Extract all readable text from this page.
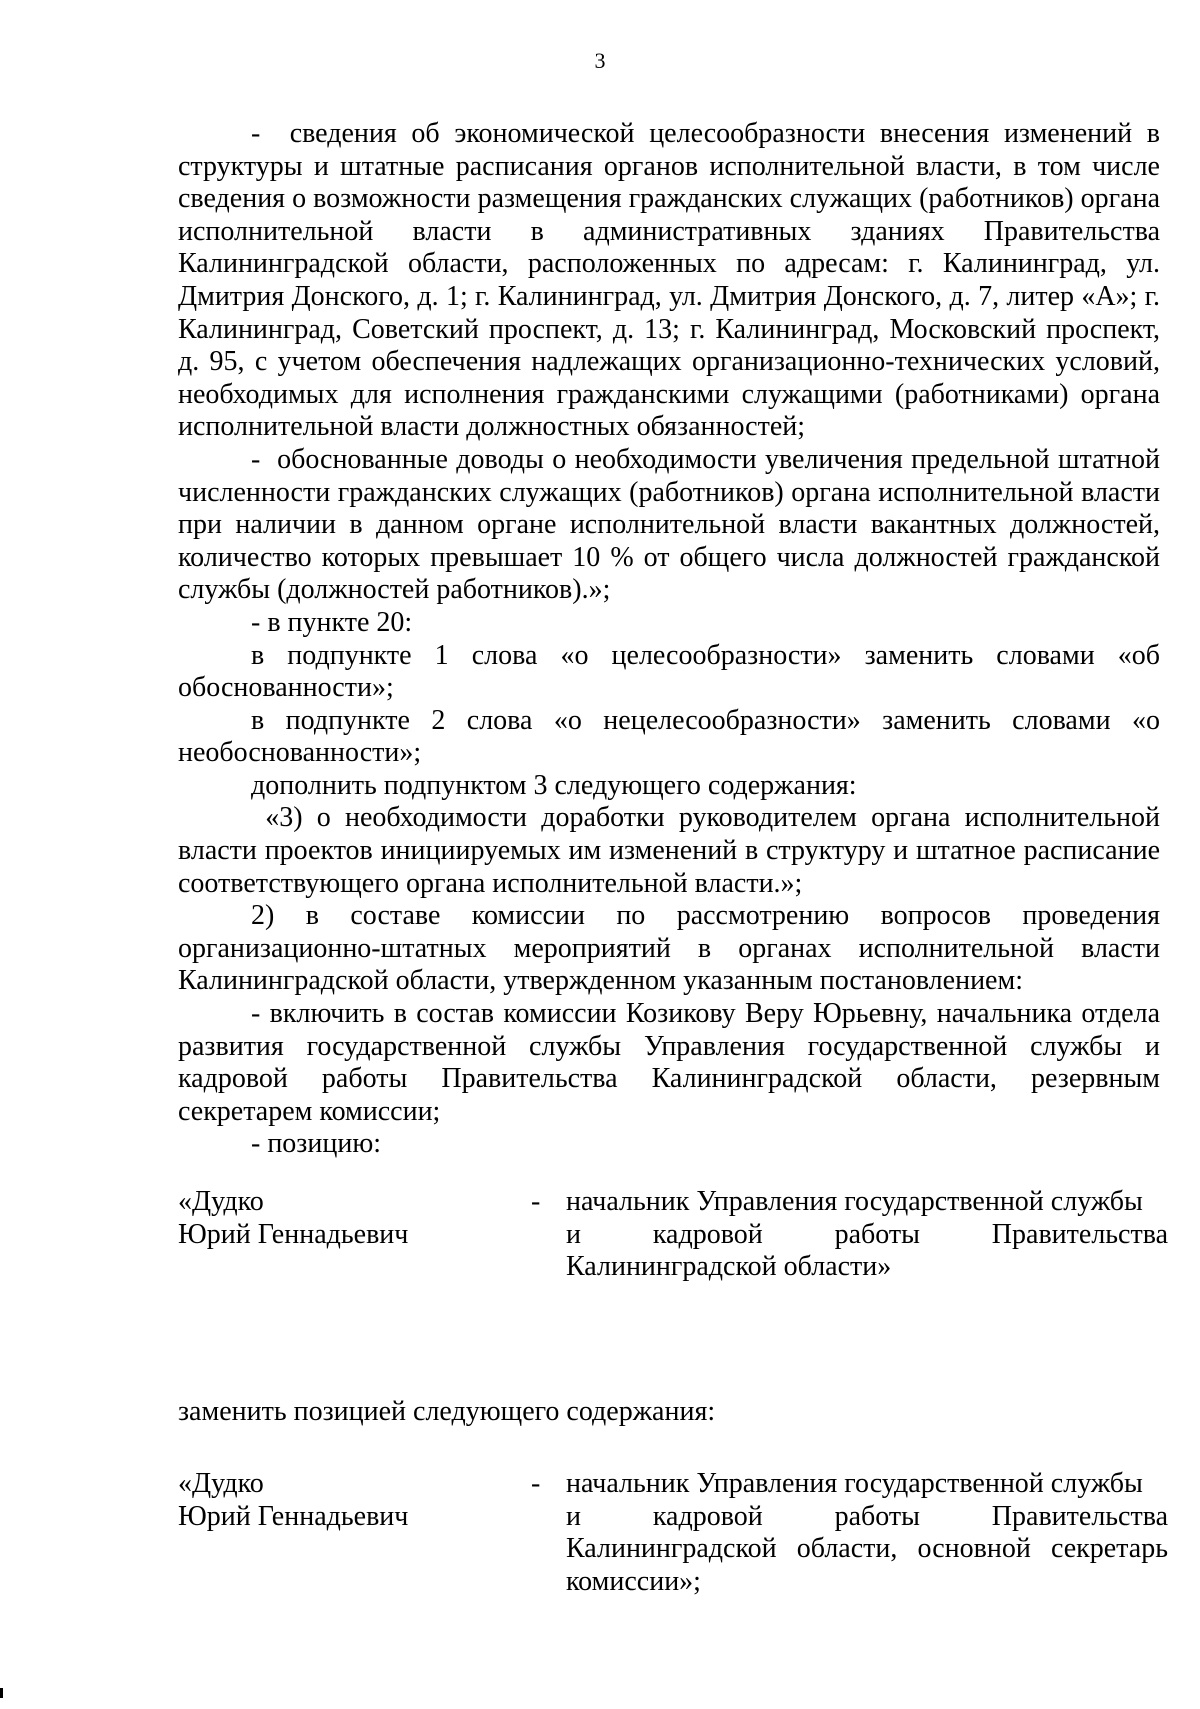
3

-  сведения об экономической целесообразности внесения изменений в структуры и штатные расписания органов исполнительной власти, в том числе сведения о возможности размещения гражданских служащих (работников) органа исполнительной власти в административных зданиях Правительства Калининградской области, расположенных по адресам: г. Калининград, ул. Дмитрия Донского, д. 1; г. Калининград, ул. Дмитрия Донского, д. 7, литер «А»; г. Калининград, Советский проспект, д. 13; г. Калининград, Московский проспект, д. 95, с учетом обеспечения надлежащих организационно-технических условий, необходимых для исполнения гражданскими служащими (работниками) органа исполнительной власти должностных обязанностей;

-  обоснованные доводы о необходимости увеличения предельной штатной численности гражданских служащих (работников) органа исполнительной власти при наличии в данном органе исполнительной власти вакантных должностей, количество которых превышает 10 % от общего числа должностей гражданской службы (должностей работников).»;

- в пункте 20:

в подпункте 1 слова «о целесообразности» заменить словами «об обоснованности»;

в подпункте 2 слова «о нецелесообразности» заменить словами «о необоснованности»;

дополнить подпунктом 3 следующего содержания:

«3) о необходимости доработки руководителем органа исполнительной власти проектов инициируемых им изменений в структуру и штатное расписание соответствующего органа исполнительной власти.»;

2) в составе комиссии по рассмотрению вопросов проведения организационно-штатных мероприятий в органах исполнительной власти Калининградской области, утвержденном указанным постановлением:

- включить в состав комиссии Козикову Веру Юрьевну, начальника отдела развития государственной службы Управления государственной службы и кадровой работы Правительства Калининградской области, резервным секретарем комиссии;

- позицию:

«Дудко
Юрий Геннадьевич
- начальник Управления государственной службы
и	кадровой	работы	Правительства
Калининградской области»
заменить позицией следующего содержания:
«Дудко
Юрий Геннадьевич
- начальник Управления государственной службы
и	кадровой	работы	Правительства
Калининградской области, основной секретарь
комиссии»;
